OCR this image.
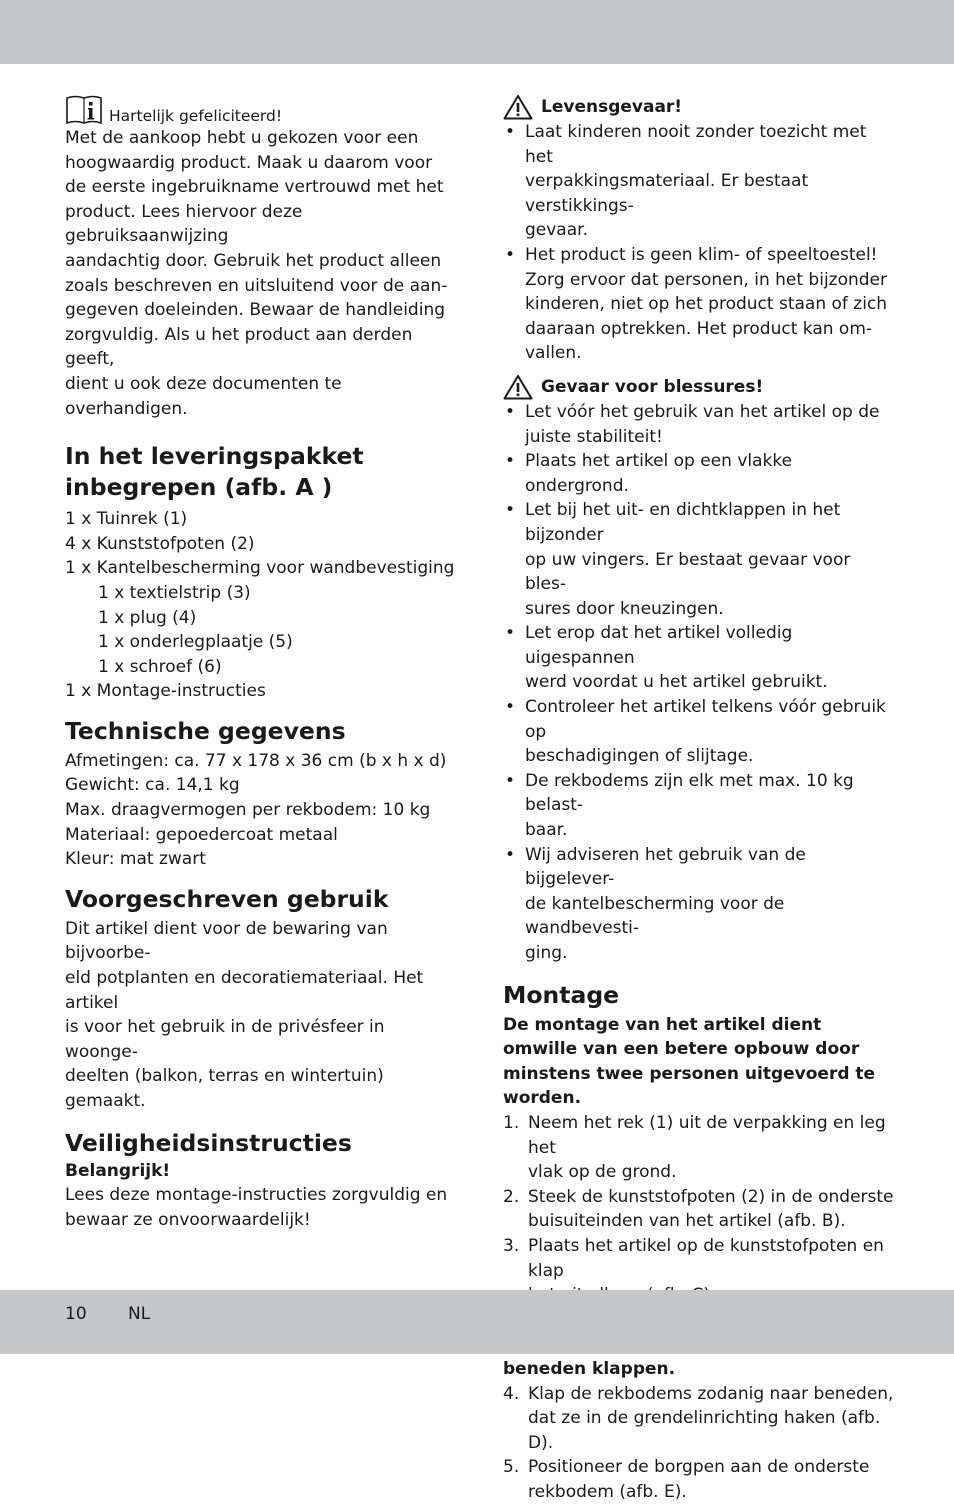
Hartelijk gefeliciteerd!

Met de aankoop hebt u gekozen voor een

hoogwaardig product. Maak u daarom voor

de eerste ingebruikname vertrouwd met het

product. Lees hiervoor deze gebruiksaanwijzing

aandachtig door. Gebruik het product alleen

zoals beschreven en uitsluitend voor de aan-

gegeven doeleinden. Bewaar de handleiding

zorgvuldig. Als u het product aan derden geeft,

dient u ook deze documenten te overhandigen.

In het leveringspakket
inbegrepen (afb. A )

1 x Tuinrek (1)

4 x Kunststofpoten (2)

1 x Kantelbescherming voor wandbevestiging

1 x textielstrip (3)

1 x plug (4)

1 x onderlegplaatje (5)

1 x schroef (6)

1 x Montage-instructies

Technische gegevens

Afmetingen: ca. 77 x 178 x 36 cm (b x h x d)

Gewicht: ca. 14,1 kg

Max. draagvermogen per rekbodem: 10 kg

Materiaal: gepoedercoat metaal

Kleur: mat zwart

Voorgeschreven gebruik

Dit artikel dient voor de bewaring van bijvoorbe-

eld potplanten en decoratiemateriaal. Het artikel

is voor het gebruik in de privésfeer in woonge-

deelten (balkon, terras en wintertuin) gemaakt.

Veiligheidsinstructies
Belangrijk!

Lees deze montage-instructies zorgvuldig en

bewaar ze onvoorwaardelijk!

Levensgevaar!
• Laat kinderen nooit zonder toezicht met het
verpakkingsmateriaal. Er bestaat verstikkings-
gevaar.
• Het product is geen klim- of speeltoestel!
Zorg ervoor dat personen, in het bijzonder
kinderen, niet op het product staan of zich
daaraan optrekken. Het product kan om-
vallen.
Gevaar voor blessures!
• Let vóór het gebruik van het artikel op de
juiste stabiliteit!
• Plaats het artikel op een vlakke ondergrond.
• Let bij het uit- en dichtklappen in het bijzonder
op uw vingers. Er bestaat gevaar voor bles-
sures door kneuzingen.
• Let erop dat het artikel volledig uigespannen
werd voordat u het artikel gebruikt.
• Controleer het artikel telkens vóór gebruik op
beschadigingen of slijtage.
• De rekbodems zijn elk met max. 10 kg belast-
baar.
• Wij adviseren het gebruik van de bijgelever-
de kantelbescherming voor de wandbevesti-
ging.
Montage

De montage van het artikel dient

omwille van een betere opbouw door

minstens twee personen uitgevoerd te

worden.

1. Neem het rek (1) uit de verpakking en leg het
vlak op de grond.
2. Steek de kunststofpoten (2) in de onderste
buisuiteinden van het artikel (afb. B).
3. Plaats het artikel op de kunststofpoten en klap

beneden klappen.

4. Klap de rekbodems zodanig naar beneden,
dat ze in de grendelinrichting haken (afb. D).
5. Positioneer de borgpen aan de onderste
rekbodem (afb. E).
10 NL
